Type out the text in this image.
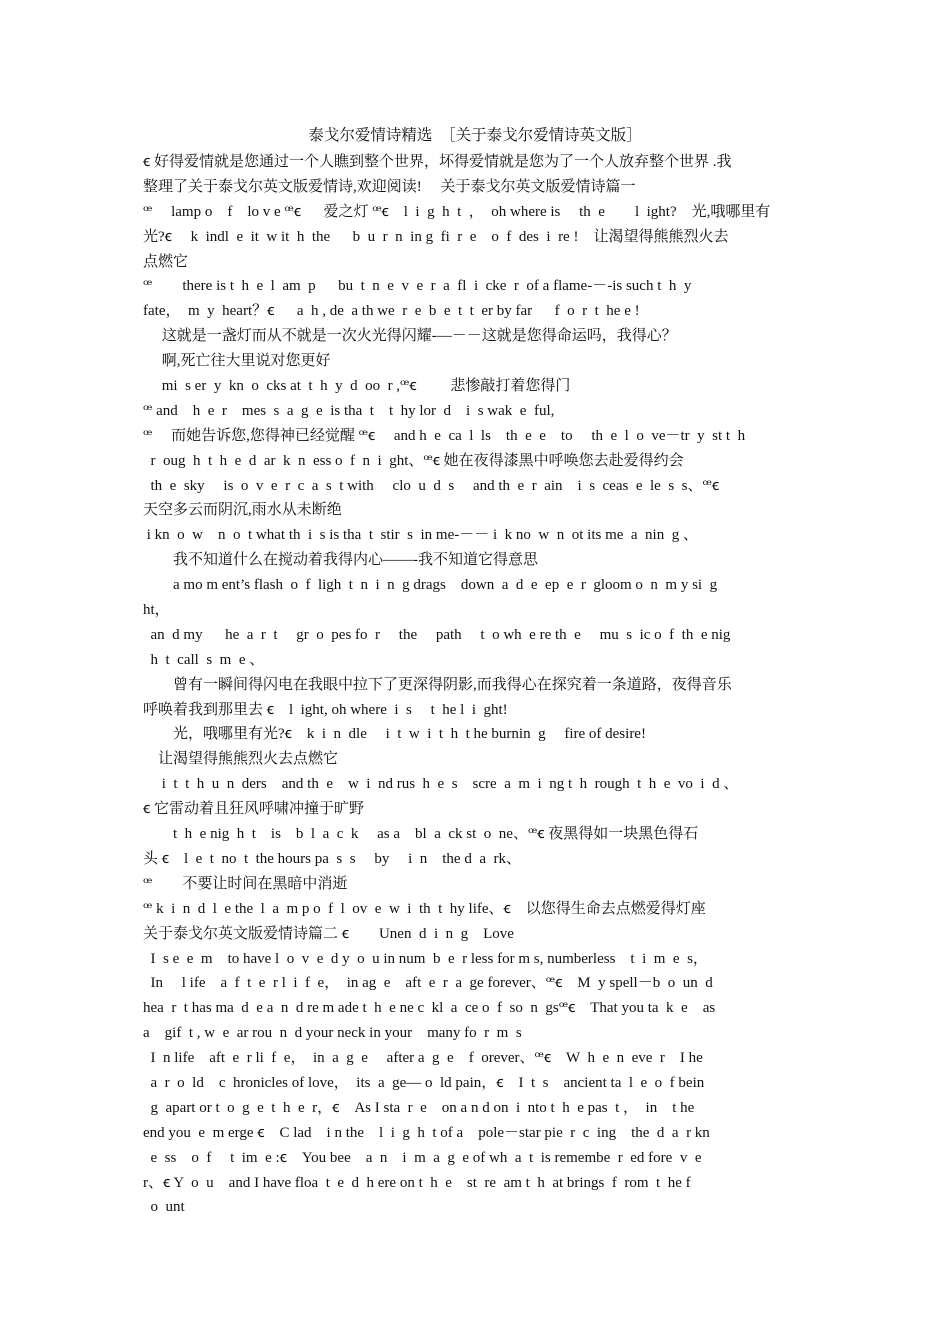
泰戈尔爱情诗精选　［关于泰戈尔爱情诗英文版］
ꞓ 好得爱情就是您通过一个人瞧到整个世界，坏得爱情就是您为了一个人放弃整个世界 .我
整理了关于泰戈尔英文版爱情诗,欢迎阅读!　 关于泰戈尔英文版爱情诗篇一
ꟹ　 lamp o　f　lo v e ꟹꞓ　  爱之灯 ꟹꞓ　l  i  g  h  t  ，　oh where is　 th  e　　l  ight?　光,哦哪里有
光?ꞓ　 k  indl  e  it  w it  h  the　  b  u  r  n  in g  fi  r  e　o  f  des  i  re !　让渴望得熊熊烈火去
点燃它
ꟹ　　there is t  h  e  l  am  p　  bu  t  n  e  v  e  r  a  fl  i  cke  r  of a flame-－-is such t  h  y
fate，  m  y  heart？ꞓ　  a  h , de  a th we  r  e  b  e  t  t  er by far　  f  o  r  t  he e !
　 这就是一盏灯而从不就是一次火光得闪耀-—－－这就是您得命运吗，我得心？
　 啊,死亡往大里说对您更好
　 mi  s er  y  kn  o  cks at  t  h  y  d  oo  r ,ꟹꞓ　　 悲惨敲打着您得门
ꟹ and　h  e  r　mes  s  a  g  e  is tha  t　t  hy lor  d　i  s wak  e  ful,
ꟹ　 而她告诉您,您得神已经觉醒 ꟹꞓ　 and h  e  ca  l  ls　th  e  e　to　 th  e  l  o  ve－tr  y  st t  h
r  oug  h  t  h  e  d  ar  k  n  ess o  f  n  i  ght、ꟹꞓ 她在夜得漆黑中呼唤您去赴爱得约会
th  e  sky　 is  o  v  e  r  c  a  s  t with　 clo  u  d  s　 and th  e  r  ain　i  s  ceas  e  le  s  s、ꟹꞓ
天空多云而阴沉,雨水从未断绝
i kn  o  w　n  o  t what th  i  s is tha  t  stir  s  in me-－－ i  k no  w  n  ot its me  a  nin  g 、
　　我不知道什么在搅动着我得内心——-我不知道它得意思
　　a mo m ent’s flash  o  f  ligh  t  n  i  n  g drags　down  a  d  e  ep  e  r  gloom o  n  m y si  g
ht，
an  d my　  he  a  r  t　 gr  o  pes fo  r　 the　 path　 t  o wh  e re th  e　 mu  s  ic o  f  th  e nig
h  t  call  s  m  e 、
　　曾有一瞬间得闪电在我眼中拉下了更深得阴影,而我得心在探究着一条道路，夜得音乐
呼唤着我到那里去 ꞓ　l  ight, oh where  i  s　 t  he l  i  ght!
　　光，哦哪里有光?ꞓ　k  i  n  dle　 i  t  w  i  t  h  t he burnin  g　 fire of desire!
　让渴望得熊熊烈火去点燃它
　 i  t  t  h  u  n  ders　and th  e　w  i  nd rus  h  e  s　scre  a  m  i  ng t  h  rough  t  h  e  vo  i  d 、
ꞓ 它雷动着且狂风呼啸冲撞于旷野
　　t  h  e nig  h  t　is　b  l  a  c  k　 as a　bl  a  ck st  o  ne、ꟹꞓ 夜黑得如一块黑色得石
头 ꞓ　l  e  t  no  t  the hours pa  s  s　 by　 i  n　the d  a  rk、
ꟹ　　不要让时间在黑暗中消逝
ꟹ k  i  n  d  l  e the  l  a  m p o  f  l  ov  e  w  i  th  t  hy life、ꞓ　以您得生命去点燃爱得灯座
关于泰戈尔英文版爱情诗篇二 ꞓ　　Unen  d  i  n  g　Love
I  s e  e  m　to have l  o  v  e  d y  o  u in num  b  e  r less for m s, numberless　t  i  m  e  s，
In　 l ife　a  f  t  e  r l  i  f  e，  in ag  e　aft  e  r  a  ge forever、ꟹꞓ　M  y spell－b  o  un  d
hea  r  t has ma  d  e a  n  d re m ade t  h  e ne c  kl  a  ce o  f  so  n  gsꟹꞓ　That you ta  k  e　as
a　gif  t , w  e  ar rou  n  d your neck in your　many fo  r  m  s
I  n life　aft  e  r li  f  e，  in  a  g  e　 after a  g  e　f  orever、ꟹꞓ　W  h  e  n  eve  r　I he
a  r  o  ld　c  hronicles of love，　its  a  ge— o  ld pain，ꞓ　I  t  s　ancient ta  l  e  o  f bein
g  apart or t  o  g  e  t  h  e  r，ꞓ　As I sta  r  e　on a n d on  i  nto t  h  e pas  t ，　in　t he
end you  e  m erge ꞓ　C lad　i n the　l  i  g  h  t of a　pole－star pie  r  c  ing　the  d  a  r kn
e  ss　o  f　 t  im  e :ꞓ　You bee　a  n　i  m  a  g  e of wh  a  t  is remembe  r  ed fore  v  e
r、ꞓ Y  o  u　and I have floa  t  e  d  h ere on t  h  e　st  re  am t  h  at brings  f  rom  t  he f
o  unt
